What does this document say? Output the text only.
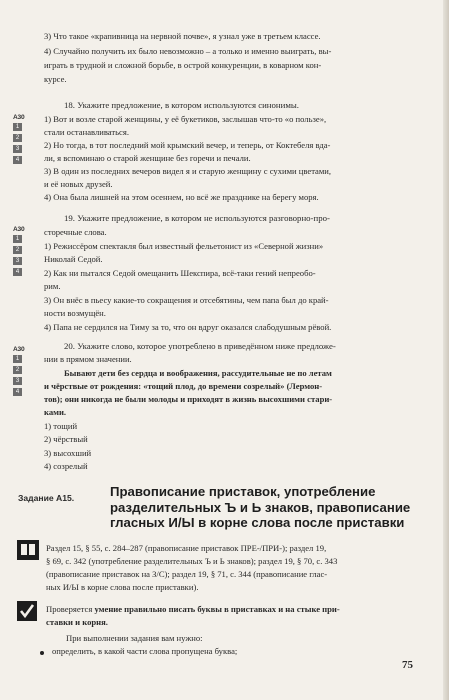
3) Что такое «крапивница на нервной почве», я узнал уже в третьем классе.
4) Случайно получить их было невозможно – а только и именно выиграть, вы-
играть в трудной и сложной борьбе, в острой конкуренции, в коварном кон-
курсе.
А30
1
2
3
4
18. Укажите предложение, в котором используются синонимы.
1) Вот и возле старой женщины, у её букетиков, заслышав что-то «о пользе»,
стали останавливаться.
2) Но тогда, в тот последний мой крымский вечер, и теперь, от Коктебеля вда-
ли, я вспоминаю о старой женщине без горечи и печали.
3) В один из последних вечеров видел я и старую женщину с сухими цветами,
и её новых друзей.
4) Она была лишней на этом осеннем, но всё же празднике на берегу моря.
А30
1
2
3
4
19. Укажите предложение, в котором не используются разговорно-про-
сторечные слова.
1) Режиссёром спектакля был известный фельетонист из «Северной жизни»
Николай Седой.
2) Как ни пытался Седой омещанить Шекспира, всё-таки гений непреобо-
рим.
3) Он внёс в пьесу какие-то сокращения и отсебятины, чем папа был до край-
ности возмущён.
4) Папа не сердился на Тиму за то, что он вдруг оказался слабодушным рёвой.
А30
1
2
3
4
20. Укажите слово, которое употреблено в приведённом ниже предложе-
нии в прямом значении.
Бывают дети без сердца и воображения, рассудительные не по летам
и чёрствые от рождения: «тощий плод, до времени созрелый» (Лермон-
тов); они никогда не были молоды и приходят в жизнь высохшими стари-
ками.
1) тощий
2) чёрствый
3) высохший
4) созрелый
Задание А15.	Правописание приставок, употребление
разделительных Ъ и Ь знаков, правописание
гласных И/Ы в корне слова после приставки
Раздел 15, § 55, с. 284–287 (правописание приставок ПРЕ-/ПРИ-); раздел 19,
§ 69, с. 342 (употребление разделительных Ъ и Ь знаков); раздел 19, § 70, с. 343
(правописание приставок на З/С); раздел 19, § 71, с. 344 (правописание глас-
ных И/Ы в корне слова после приставки).
Проверяется умение правильно писать буквы в приставках и на стыке при-
ставки и корня.
При выполнении задания вам нужно:
определить, в какой части слова пропущена буква;
75
